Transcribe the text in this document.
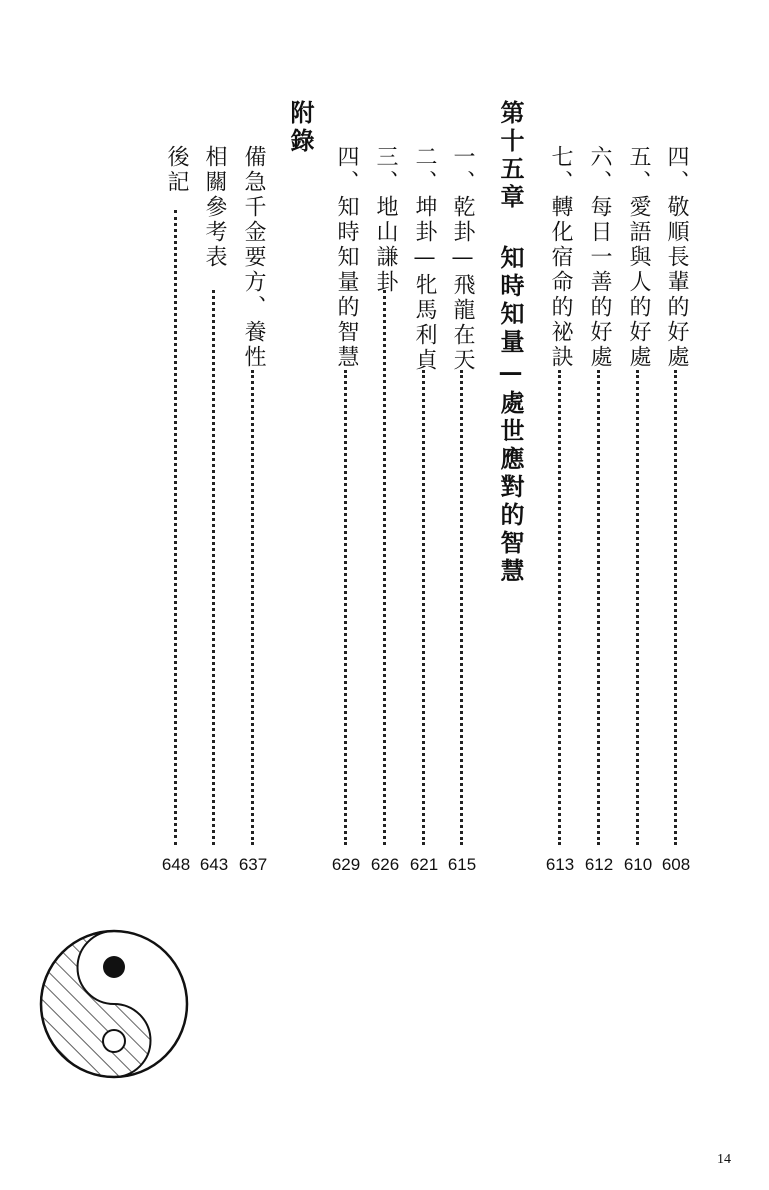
四、敬順長輩的好處
608
五、愛語與人的好處
610
六、每日一善的好處
612
七、轉化宿命的祕訣
613
第十五章 知時知量—處世應對的智慧
一、乾卦—飛龍在天
615
二、坤卦—牝馬利貞
621
三、地山謙卦
626
四、知時知量的智慧
629
附錄
備急千金要方、養性
637
相關參考表
643
後記
648
14
